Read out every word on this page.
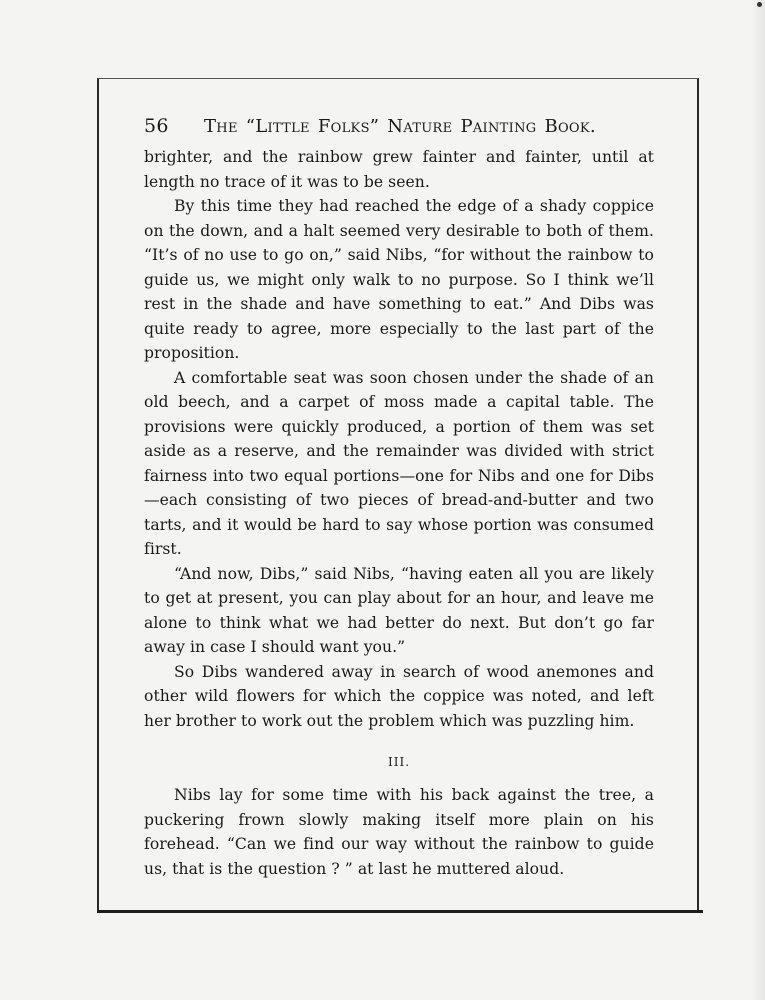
56	The “Little Folks” Nature Painting Book.

brighter, and the rainbow grew fainter and fainter, until at length no trace of it was to be seen.

By this time they had reached the edge of a shady coppice on the down, and a halt seemed very desirable to both of them. “It’s of no use to go on,” said Nibs, “for without the rainbow to guide us, we might only walk to no purpose. So I think we’ll rest in the shade and have something to eat.” And Dibs was quite ready to agree, more especially to the last part of the proposition.

A comfortable seat was soon chosen under the shade of an old beech, and a carpet of moss made a capital table. The provisions were quickly produced, a portion of them was set aside as a reserve, and the remainder was divided with strict fairness into two equal portions—one for Nibs and one for Dibs—each consisting of two pieces of bread-and-butter and two tarts, and it would be hard to say whose portion was consumed first.

“And now, Dibs,” said Nibs, “having eaten all you are likely to get at present, you can play about for an hour, and leave me alone to think what we had better do next. But don’t go far away in case I should want you.”

So Dibs wandered away in search of wood anemones and other wild flowers for which the coppice was noted, and left her brother to work out the problem which was puzzling him.

III.

Nibs lay for some time with his back against the tree, a puckering frown slowly making itself more plain on his forehead. “Can we find our way without the rainbow to guide us, that is the question ? ” at last he muttered aloud.
